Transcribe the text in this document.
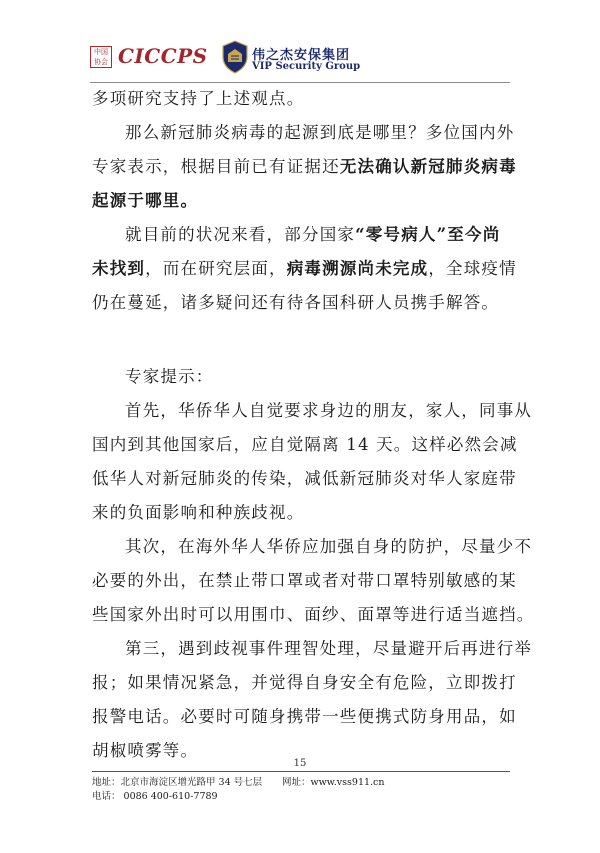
中国
协会 CICCPS	伟之杰安保集团
VIP Security Group
多项研究支持了上述观点。
那么新冠肺炎病毒的起源到底是哪里？多位国内外
专家表示，根据目前已有证据还无法确认新冠肺炎病毒
起源于哪里。
就目前的状况来看，部分国家“零号病人”至今尚
未找到，而在研究层面，病毒溯源尚未完成，全球疫情
仍在蔓延，诸多疑问还有待各国科研人员携手解答。
专家提示：
首先，华侨华人自觉要求身边的朋友，家人，同事从
国内到其他国家后，应自觉隔离 14 天。这样必然会减
低华人对新冠肺炎的传染，减低新冠肺炎对华人家庭带
来的负面影响和种族歧视。
其次，在海外华人华侨应加强自身的防护，尽量少不
必要的外出，在禁止带口罩或者对带口罩特别敏感的某
些国家外出时可以用围巾、面纱、面罩等进行适当遮挡。
第三，遇到歧视事件理智处理，尽量避开后再进行举
报；如果情况紧急，并觉得自身安全有危险，立即拨打
报警电话。必要时可随身携带一些便携式防身用品，如
胡椒喷雾等。
15
地址：北京市海淀区增光路甲 34 号七层 网址：www.vss911.cn
电话： 0086 400-610-7789
